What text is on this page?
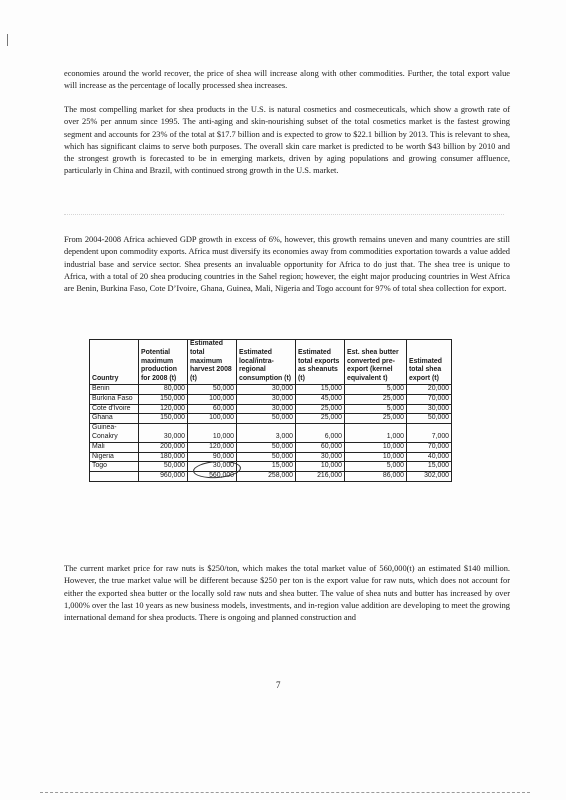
economies around the world recover, the price of shea will increase along with other commodities. Further, the total export value will increase as the percentage of locally processed shea increases.

The most compelling market for shea products in the U.S. is natural cosmetics and cosmeceuticals, which show a growth rate of over 25% per annum since 1995. The anti-aging and skin-nourishing subset of the total cosmetics market is the fastest growing segment and accounts for 23% of the total at $17.7 billion and is expected to grow to $22.1 billion by 2013. This is relevant to shea, which has significant claims to serve both purposes. The overall skin care market is predicted to be worth $43 billion by 2010 and the strongest growth is forecasted to be in emerging markets, driven by aging populations and growing consumer affluence, particularly in China and Brazil, with continued strong growth in the U.S. market.

From 2004-2008 Africa achieved GDP growth in excess of 6%, however, this growth remains uneven and many countries are still dependent upon commodity exports. Africa must diversify its economies away from commodities exportation towards a value added industrial base and service sector. Shea presents an invaluable opportunity for Africa to do just that. The shea tree is unique to Africa, with a total of 20 shea producing countries in the Sahel region; however, the eight major producing countries in West Africa are Benin, Burkina Faso, Cote D’Ivoire, Ghana, Guinea, Mali, Nigeria and Togo account for 97% of total shea collection for export.

Country	Potential maximum production for 2008 (t)	Estimated total maximum harvest 2008 (t)	Estimated local/intra-regional consumption (t)	Estimated total exports as sheanuts (t)	Est. shea butter converted pre-export (kernel equivalent t)	Estimated total shea export (t)
Benin	80,000	50,000	30,000	15,000	5,000	20,000
Burkina Faso	150,000	100,000	30,000	45,000	25,000	70,000
Cote d'Ivoire	120,000	60,000	30,000	25,000	5,000	30,000
Ghana	150,000	100,000	50,000	25,000	25,000	50,000
Guinea-Conakry	30,000	10,000	3,000	6,000	1,000	7,000
Mali	200,000	120,000	50,000	60,000	10,000	70,000
Nigeria	180,000	90,000	50,000	30,000	10,000	40,000
Togo	50,000	30,000	15,000	10,000	5,000	15,000
	960,000	560,000	258,000	216,000	86,000	302,000

The current market price for raw nuts is $250/ton, which makes the total market value of 560,000(t) an estimated $140 million. However, the true market value will be different because $250 per ton is the export value for raw nuts, which does not account for either the exported shea butter or the locally sold raw nuts and shea butter. The value of shea nuts and butter has increased by over 1,000% over the last 10 years as new business models, investments, and in-region value addition are developing to meet the growing international demand for shea products. There is ongoing and planned construction and

7
